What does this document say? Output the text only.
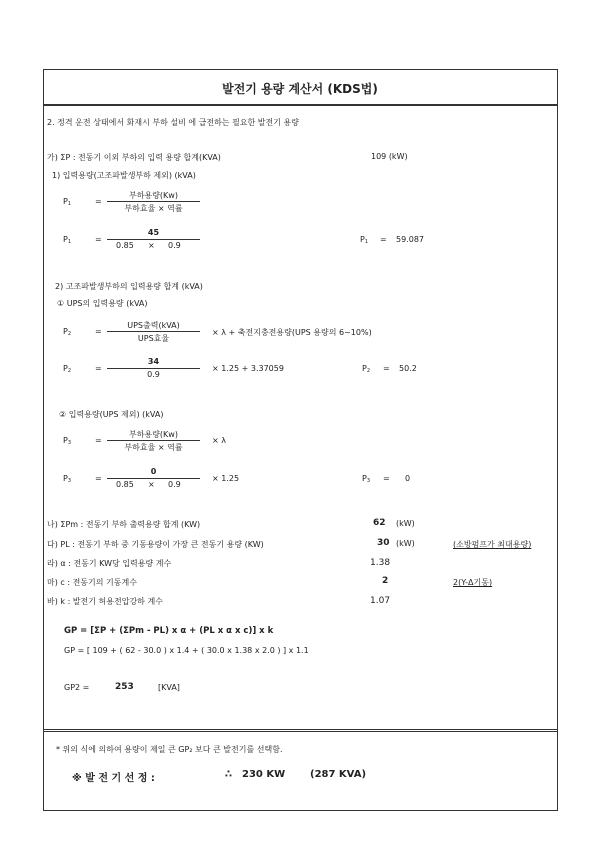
발전기 용량 계산서 (KDS법)
2. 정격 운전 상태에서 화재시 부하 설비 에 급전하는 필요한 발전기 용량
가) ΣP : 전동기 이외 부하의 입력 용량 합계(KVA)	109 (kW)
1) 입력용량(고조파발생부하 제외) (kVA)
$P_1$	=
부하용량(Kw)
부하효율 × 역률
$P_1$	=
45
0.85 × 0.9
$P_1 = 59.087$
2) 고조파발생부하의 입력용량 합계 (kVA)
① UPS의 입력용량 (kVA)
$P_2$	=
UPS출력(kVA)
UPS효율
× λ + 축전지충전용량(UPS 용량의 6~10%)
$P_2$	=
34
0.9
× 1.25 + 3.37059	$P_2 = 50.2$
② 입력용량(UPS 제외) (kVA)
$P_3$	=
부하용량(Kw)
부하효율 × 역률
× λ
$P_3$	=
0
0.85 × 0.9
× 1.25	$P_3 = 0$
나) ΣPm : 전동기 부하 출력용량 합계 (KW)	62 (kW)
다) PL : 전동기 부하 중 기동용량이 가장 큰 전동기 용량 (KW)	30 (kW)	(소방펌프가 최대용량)
라) α : 전동기 KW당 입력용량 계수	1.38
마) c : 전동기의 기동계수	2	2(Y-Δ기동)
바) k : 발전기 허용전압강하 계수	1.07
GP = [ΣP + (ΣPm - PL) x α + (PL x α x c)] x k
GP = [ 109 + ( 62 - 30.0 ) x 1.4 + ( 30.0 x 1.38 x 2.0 ) ] x 1.1
GP2 =	253	[KVA]
* 위의 식에 의하여 용량이 제일 큰 GP₂ 보다 큰 발전기를 선택함.
※ 발 전 기 선 정 :	∴ 230 KW (287 KVA)
